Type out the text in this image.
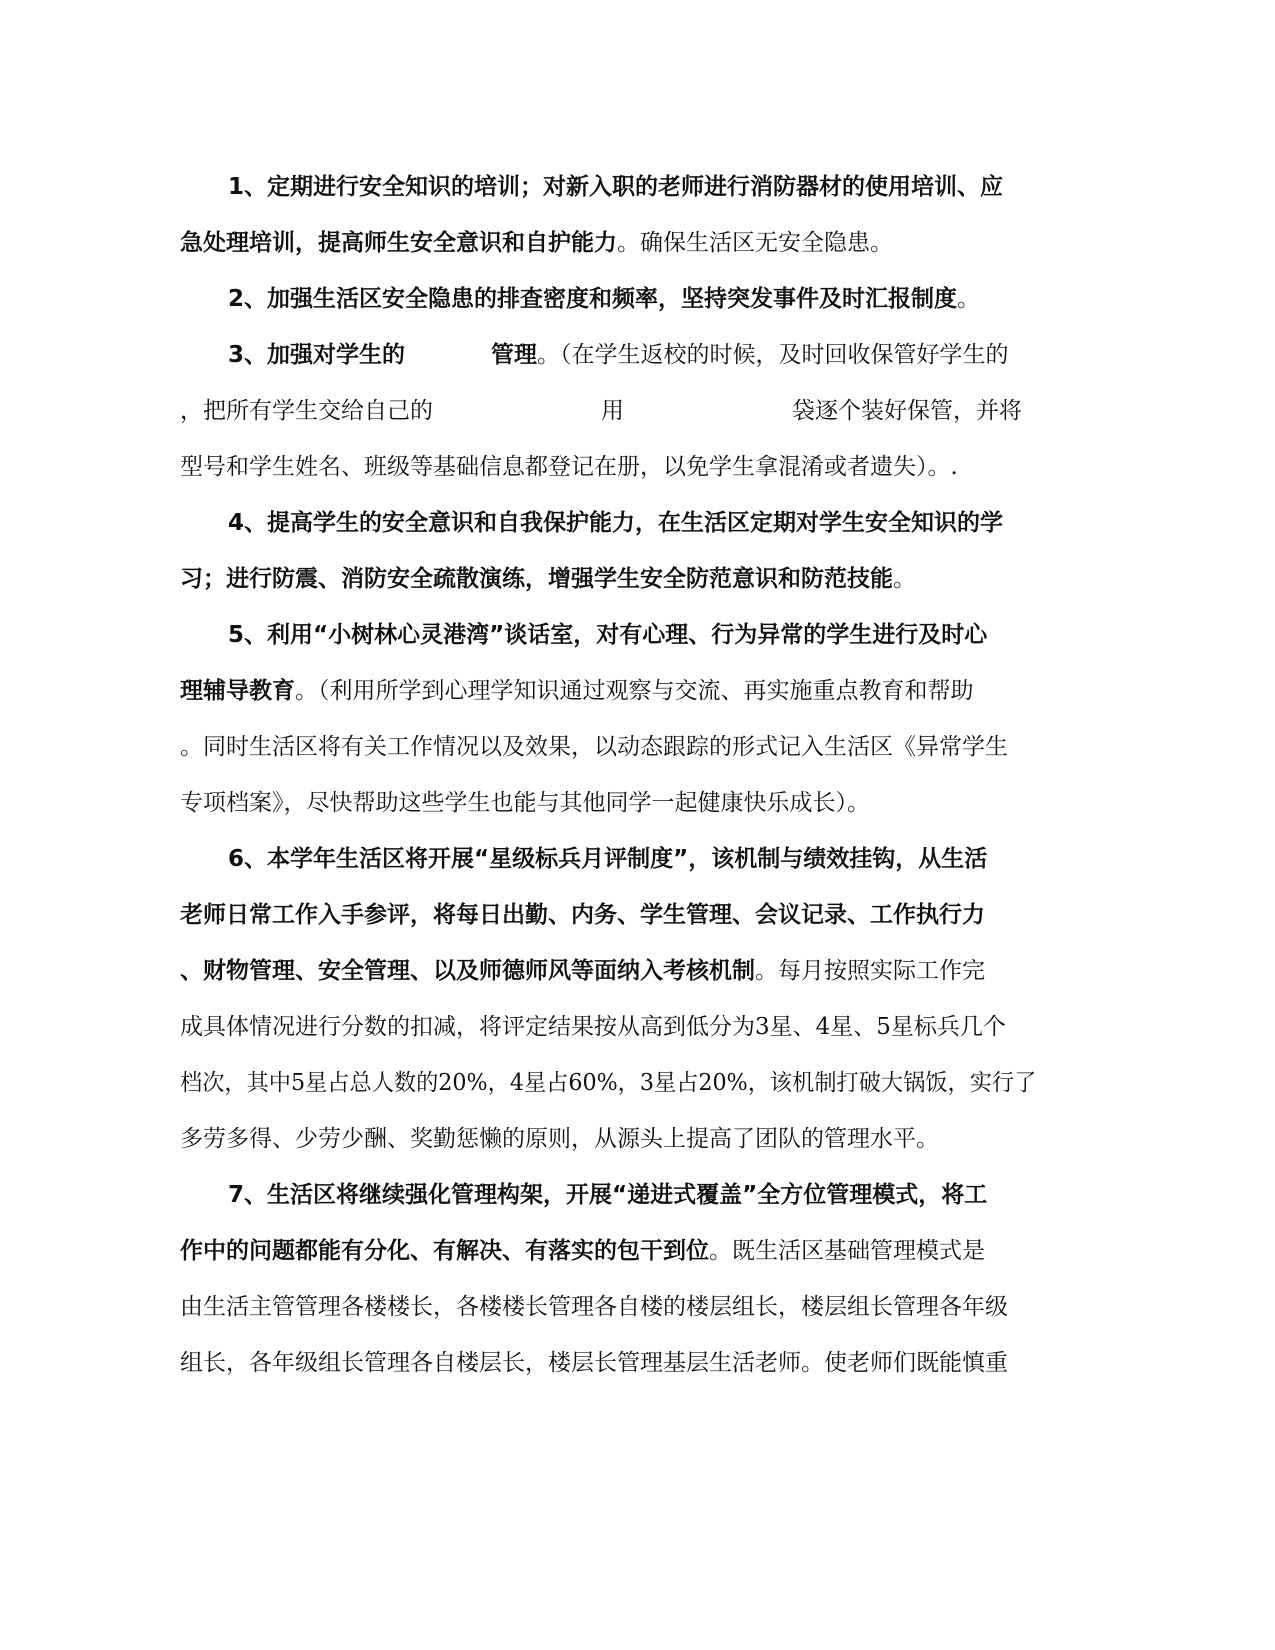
1、定期进行安全知识的培训；对新入职的老师进行消防器材的使用培训、应
急处理培训，提高师生安全意识和自护能力。确保生活区无安全隐患。
2、加强生活区安全隐患的排查密度和频率，坚持突发事件及时汇报制度。
3、加强对学生的	管理。（在学生返校的时候，及时回收保管好学生的
，把所有学生交给自己的	用	袋逐个装好保管，并将
型号和学生姓名、班级等基础信息都登记在册，以免学生拿混淆或者遗失）。.
4、提高学生的安全意识和自我保护能力，在生活区定期对学生安全知识的学
习；进行防震、消防安全疏散演练，增强学生安全防范意识和防范技能。
5、利用“小树林心灵港湾”谈话室，对有心理、行为异常的学生进行及时心
理辅导教育。（利用所学到心理学知识通过观察与交流、再实施重点教育和帮助
。同时生活区将有关工作情况以及效果，以动态跟踪的形式记入生活区《异常学生
专项档案》，尽快帮助这些学生也能与其他同学一起健康快乐成长）。
6、本学年生活区将开展“星级标兵月评制度”，该机制与绩效挂钩，从生活
老师日常工作入手参评，将每日出勤、内务、学生管理、会议记录、工作执行力
、财物管理、安全管理、以及师德师风等面纳入考核机制。每月按照实际工作完
成具体情况进行分数的扣减，将评定结果按从高到低分为3星、4星、5星标兵几个
档次，其中5星占总人数的20%，4星占60%，3星占20%，该机制打破大锅饭，实行了
多劳多得、少劳少酬、奖勤惩懒的原则，从源头上提高了团队的管理水平。
7、生活区将继续强化管理构架，开展“递进式覆盖”全方位管理模式，将工
作中的问题都能有分化、有解决、有落实的包干到位。既生活区基础管理模式是
由生活主管管理各楼楼长，各楼楼长管理各自楼的楼层组长，楼层组长管理各年级
组长，各年级组长管理各自楼层长，楼层长管理基层生活老师。使老师们既能慎重
